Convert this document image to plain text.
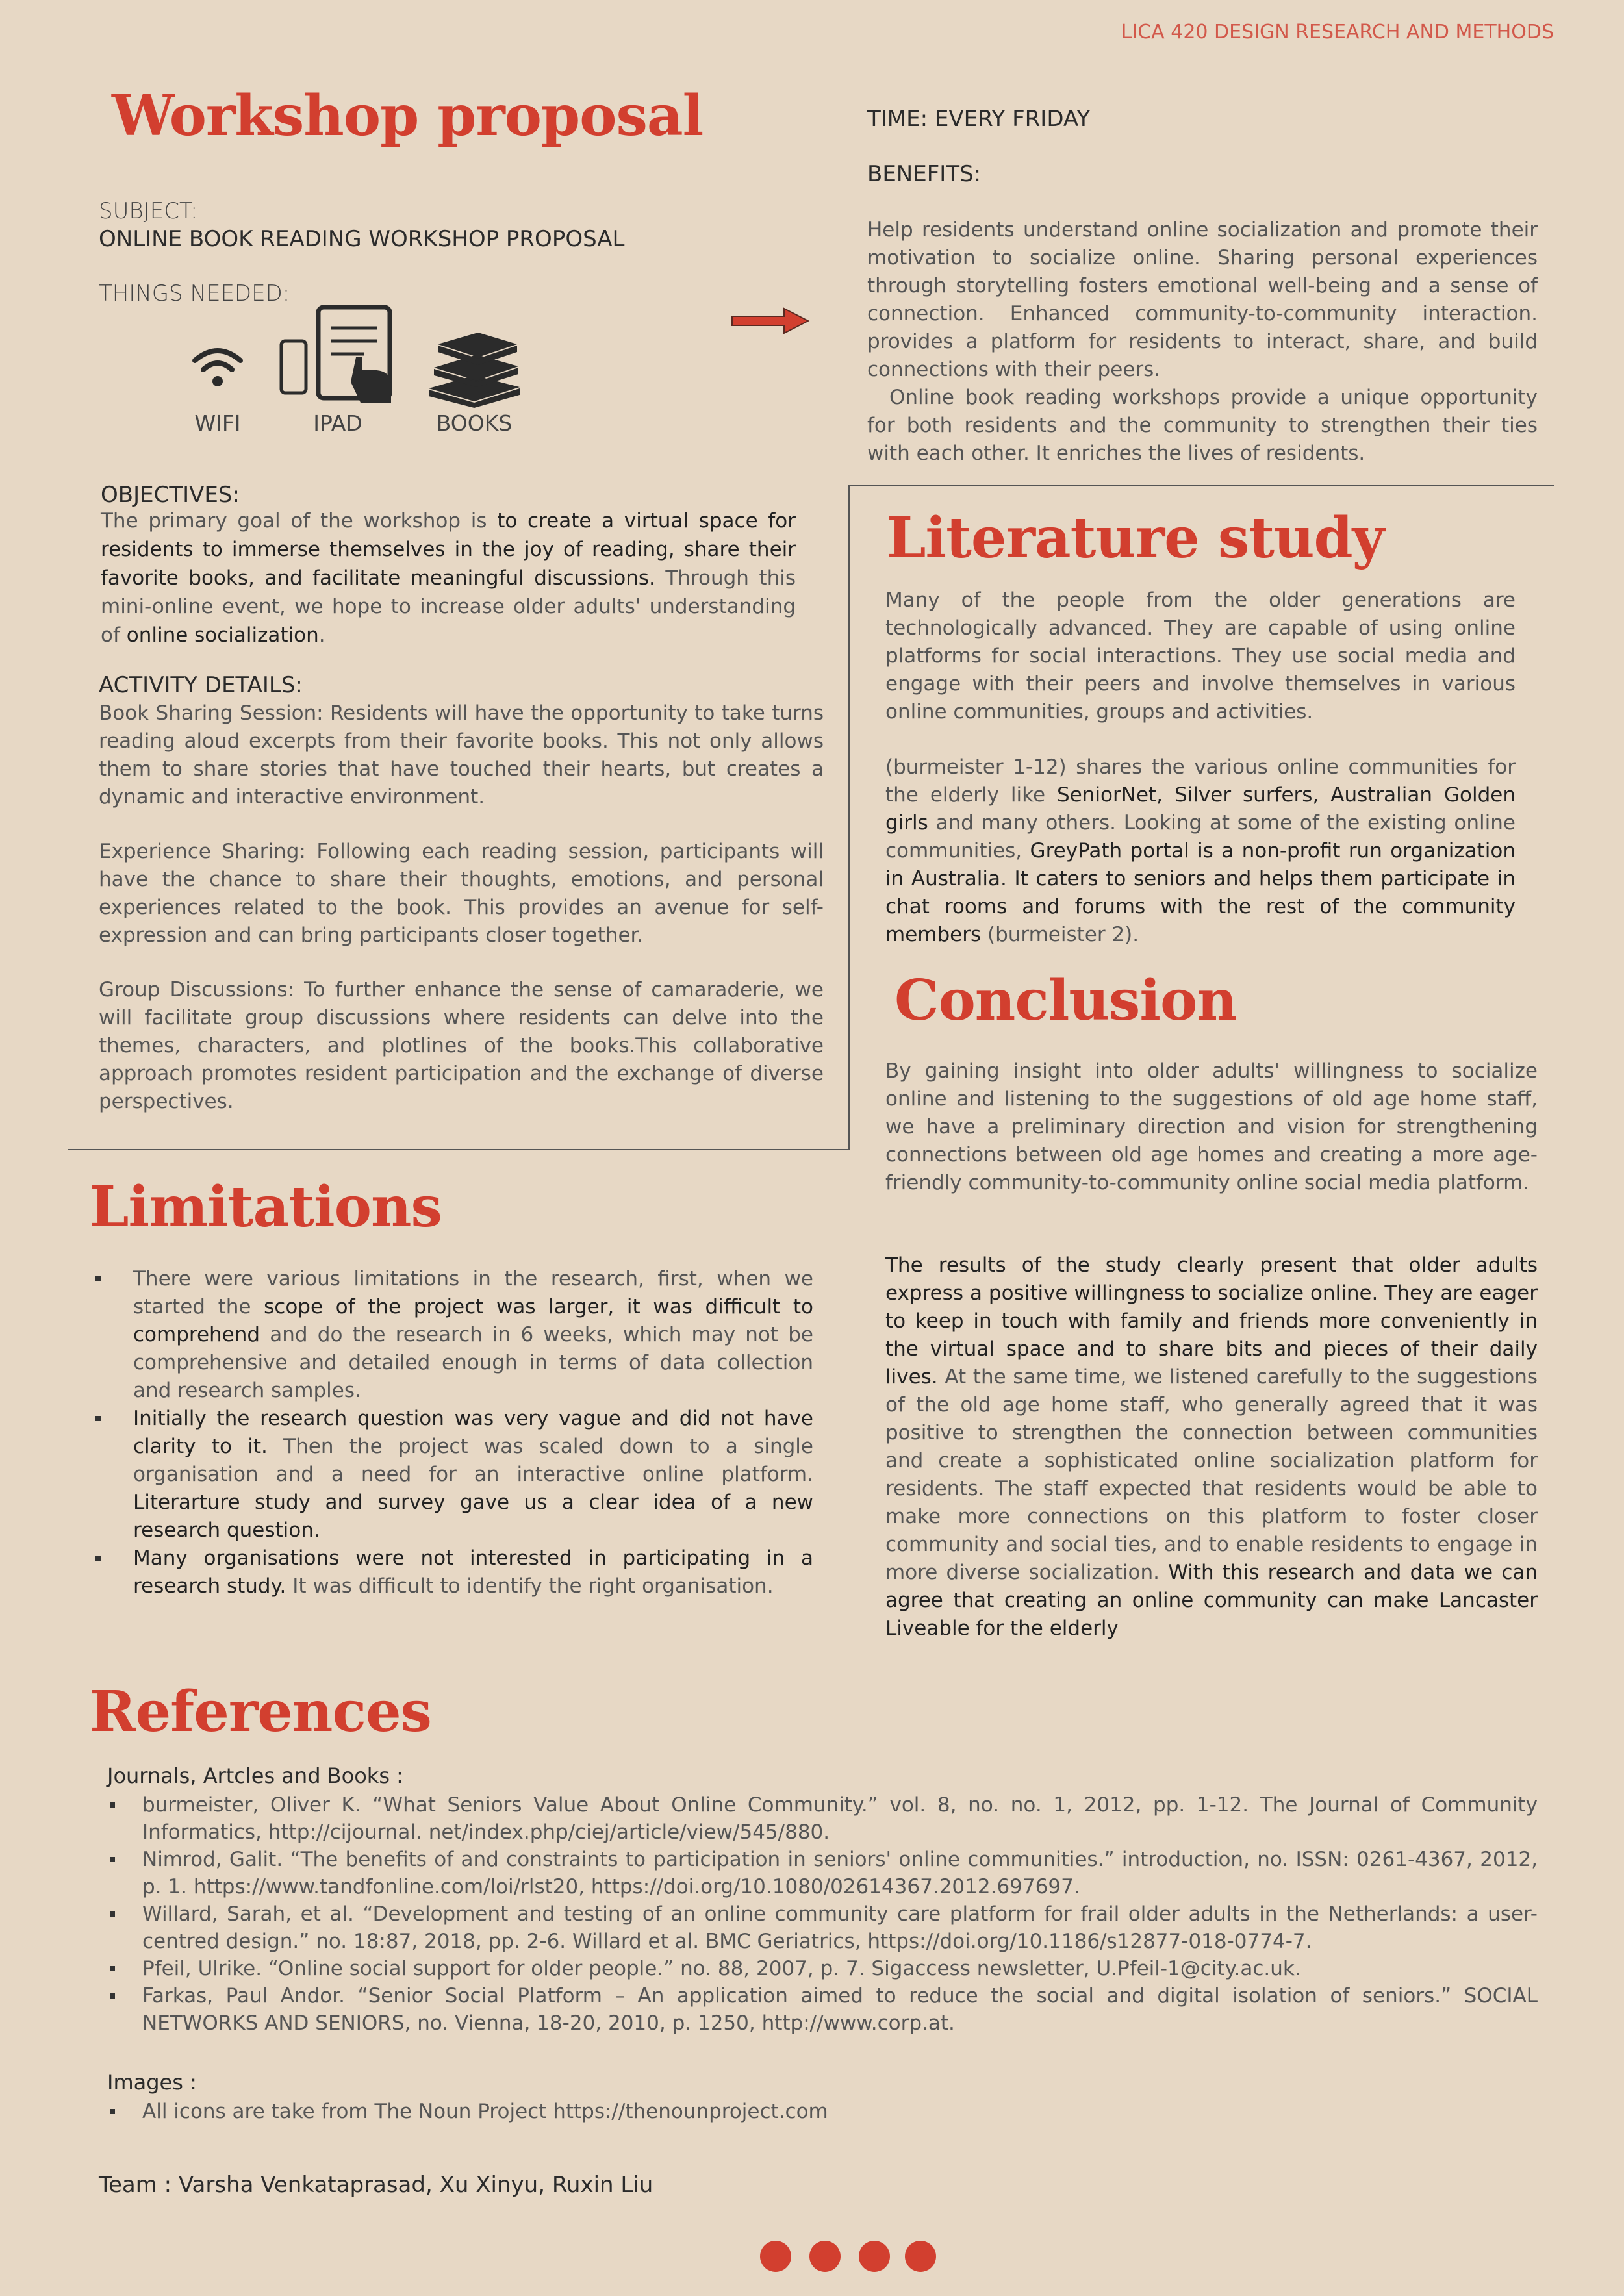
LICA 420 DESIGN RESEARCH AND METHODS
Workshop proposal
SUBJECT:
ONLINE BOOK READING WORKSHOP PROPOSAL
THINGS NEEDED:
WIFI	IPAD	BOOKS
OBJECTIVES:

The primary goal of the workshop is to create a virtual space for residents to immerse themselves in the joy of reading, share their favorite books, and facilitate meaningful discussions. Through this mini-online event, we hope to increase older adults' understanding of online socialization.

ACTIVITY DETAILS:

Book Sharing Session: Residents will have the opportunity to take turns reading aloud excerpts from their favorite books. This not only allows them to share stories that have touched their hearts, but creates a dynamic and interactive environment.

Experience Sharing: Following each reading session, participants will have the chance to share their thoughts, emotions, and personal experiences related to the book. This provides an avenue for self-expression and can bring participants closer together.

Group Discussions: To further enhance the sense of camaraderie, we will facilitate group discussions where residents can delve into the themes, characters, and plotlines of the books.This collaborative approach promotes resident participation and the exchange of diverse perspectives.

TIME: EVERY FRIDAY
BENEFITS:

Help residents understand online socialization and promote their motivation to socialize online. Sharing personal experiences through storytelling fosters emotional well-being and a sense of connection. Enhanced community-to-community interaction. provides a platform for residents to interact, share, and build connections with their peers.

Online book reading workshops provide a unique opportunity for both residents and the community to strengthen their ties with each other. It enriches the lives of residents.

Literature study

Many of the people from the older generations are technologically advanced. They are capable of using online platforms for social interactions. They use social media and engage with their peers and involve themselves in various online communities, groups and activities.

(burmeister 1-12) shares the various online communities for the elderly like SeniorNet, Silver surfers, Australian Golden girls and many others. Looking at some of the existing online communities, GreyPath portal is a non-profit run organization in Australia. It caters to seniors and helps them participate in chat rooms and forums with the rest of the community members (burmeister 2).

Conclusion

By gaining insight into older adults' willingness to socialize online and listening to the suggestions of old age home staff, we have a preliminary direction and vision for strengthening connections between old age homes and creating a more age-friendly community-to-community online social media platform.

The results of the study clearly present that older adults express a positive willingness to socialize online. They are eager to keep in touch with family and friends more conveniently in the virtual space and to share bits and pieces of their daily lives. At the same time, we listened carefully to the suggestions of the old age home staff, who generally agreed that it was positive to strengthen the connection between communities and create a sophisticated online socialization platform for residents. The staff expected that residents would be able to make more connections on this platform to foster closer community and social ties, and to enable residents to engage in more diverse socialization. With this research and data we can agree that creating an online community can make Lancaster Liveable for the elderly

Limitations
There were various limitations in the research, first, when we started the scope of the project was larger, it was difficult to comprehend and do the research in 6 weeks, which may not be comprehensive and detailed enough in terms of data collection and research samples.
Initially the research question was very vague and did not have clarity to it. Then the project was scaled down to a single organisation and a need for an interactive online platform. Literarture study and survey gave us a clear idea of a new research question.
Many organisations were not interested in participating in a research study. It was difficult to identify the right organisation.
References
Journals, Artcles and Books :
burmeister, Oliver K. “What Seniors Value About Online Community.” vol. 8, no. no. 1, 2012, pp. 1-12. The Journal of Community Informatics, http://cijournal. net/index.php/ciej/article/view/545/880.
Nimrod, Galit. “The benefits of and constraints to participation in seniors' online communities.” introduction, no. ISSN: 0261-4367, 2012, p. 1. https://www.tandfonline.com/loi/rlst20, https://doi.org/10.1080/02614367.2012.697697.
Willard, Sarah, et al. “Development and testing of an online community care platform for frail older adults in the Netherlands: a user-centred design.” no. 18:87, 2018, pp. 2-6. Willard et al. BMC Geriatrics, https://doi.org/10.1186/s12877-018-0774-7.
Pfeil, Ulrike. “Online social support for older people.” no. 88, 2007, p. 7. Sigaccess newsletter, U.Pfeil-1@city.ac.uk.
Farkas, Paul Andor. “Senior Social Platform – An application aimed to reduce the social and digital isolation of seniors.” SOCIAL NETWORKS AND SENIORS, no. Vienna, 18-20, 2010, p. 1250, http://www.corp.at.
Images :
All icons are take from The Noun Project https://thenounproject.com
Team : Varsha Venkataprasad, Xu Xinyu, Ruxin Liu
